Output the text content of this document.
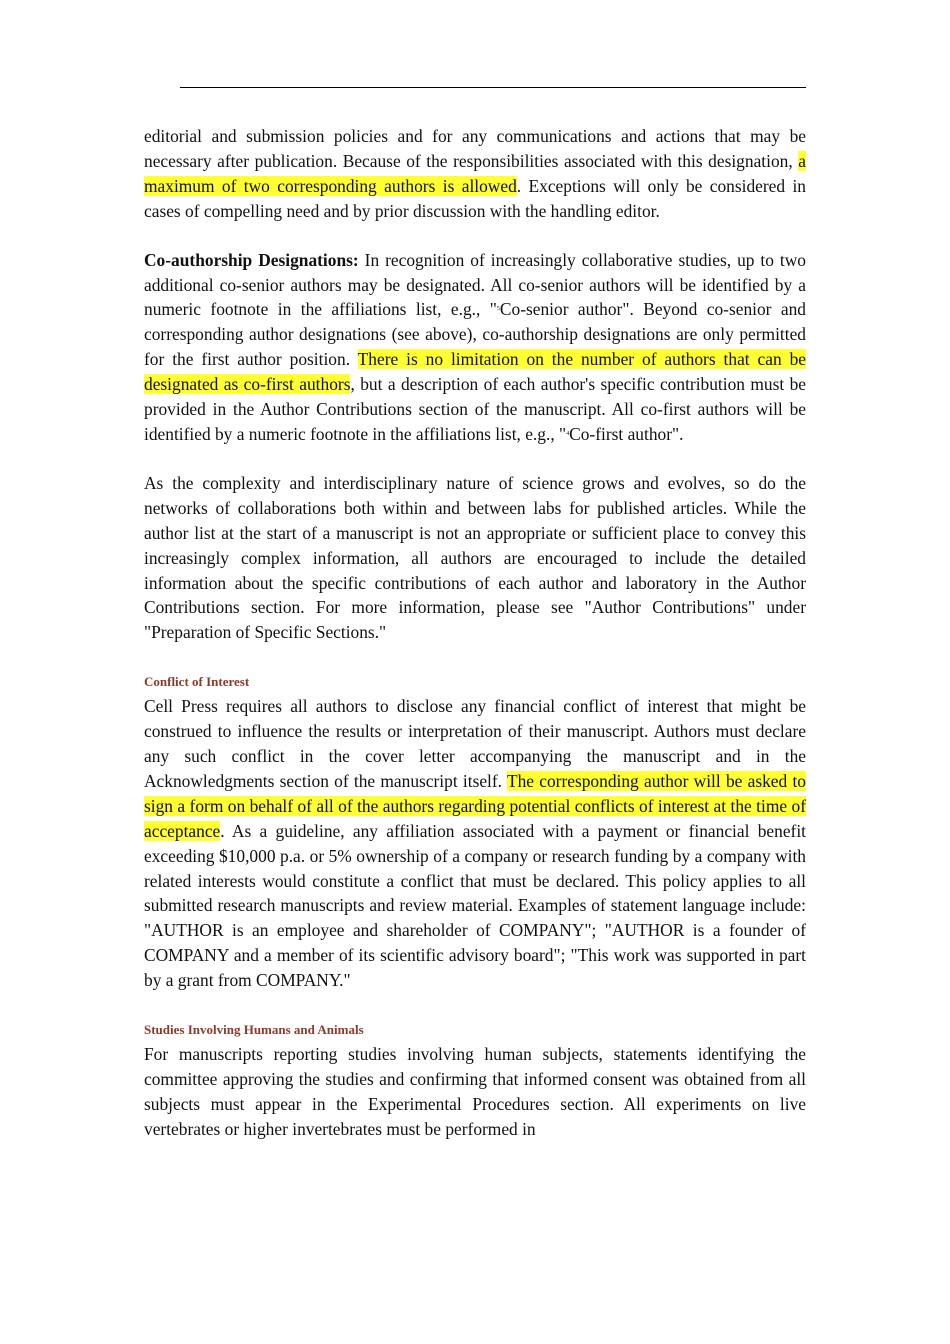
editorial and submission policies and for any communications and actions that may be necessary after publication. Because of the responsibilities associated with this designation, a maximum of two corresponding authors is allowed. Exceptions will only be considered in cases of compelling need and by prior discussion with the handling editor.

Co-authorship Designations: In recognition of increasingly collaborative studies, up to two additional co-senior authors may be designated. All co-senior authors will be identified by a numeric footnote in the affiliations list, e.g., "$^5$Co-senior author". Beyond co-senior and corresponding author designations (see above), co-authorship designations are only permitted for the first author position. There is no limitation on the number of authors that can be designated as co-first authors, but a description of each author's specific contribution must be provided in the Author Contributions section of the manuscript. All co-first authors will be identified by a numeric footnote in the affiliations list, e.g., "$^4$Co-first author".

As the complexity and interdisciplinary nature of science grows and evolves, so do the networks of collaborations both within and between labs for published articles. While the author list at the start of a manuscript is not an appropriate or sufficient place to convey this increasingly complex information, all authors are encouraged to include the detailed information about the specific contributions of each author and laboratory in the Author Contributions section. For more information, please see "Author Contributions" under "Preparation of Specific Sections."

Conflict of Interest

Cell Press requires all authors to disclose any financial conflict of interest that might be construed to influence the results or interpretation of their manuscript. Authors must declare any such conflict in the cover letter accompanying the manuscript and in the Acknowledgments section of the manuscript itself. The corresponding author will be asked to sign a form on behalf of all of the authors regarding potential conflicts of interest at the time of acceptance. As a guideline, any affiliation associated with a payment or financial benefit exceeding $10,000 p.a. or 5% ownership of a company or research funding by a company with related interests would constitute a conflict that must be declared. This policy applies to all submitted research manuscripts and review material. Examples of statement language include: "AUTHOR is an employee and shareholder of COMPANY"; "AUTHOR is a founder of COMPANY and a member of its scientific advisory board"; "This work was supported in part by a grant from COMPANY."

Studies Involving Humans and Animals

For manuscripts reporting studies involving human subjects, statements identifying the committee approving the studies and confirming that informed consent was obtained from all subjects must appear in the Experimental Procedures section. All experiments on live vertebrates or higher invertebrates must be performed in
